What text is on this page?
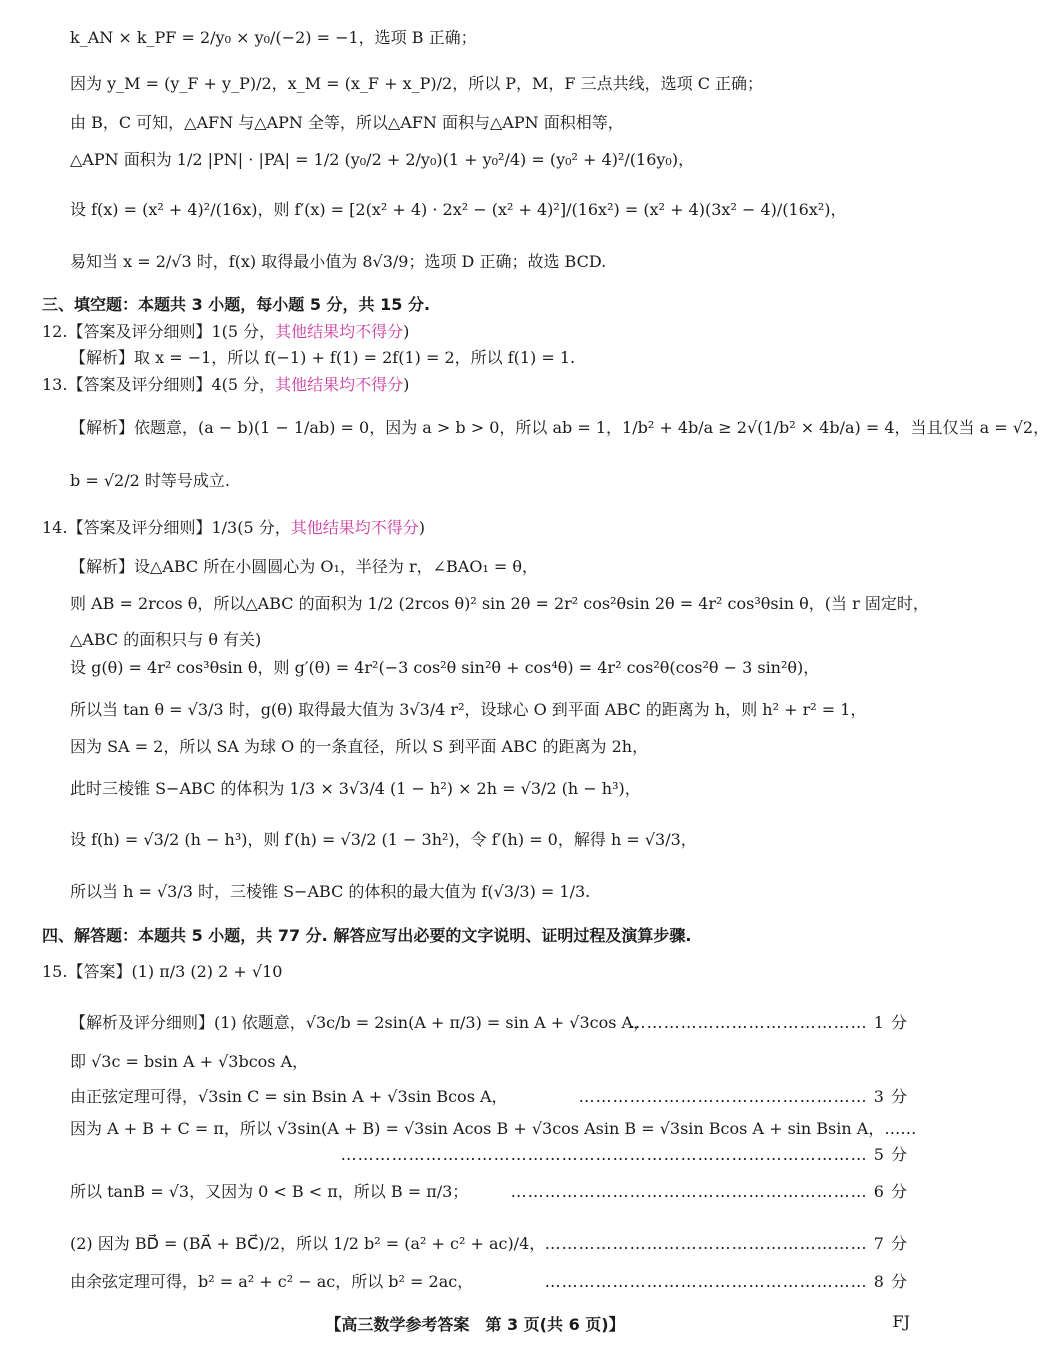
k_AN × k_PF = 2/y₀ × y₀/(−2) = −1，选项 B 正确；
因为 y_M = (y_F + y_P)/2，x_M = (x_F + x_P)/2，所以 P，M，F 三点共线，选项 C 正确；
由 B，C 可知，△AFN 与△APN 全等，所以△AFN 面积与△APN 面积相等，
△APN 面积为 1/2 |PN| · |PA| = 1/2 (y₀/2 + 2/y₀)(1 + y₀²/4) = (y₀² + 4)²/(16y₀)，
设 f(x) = (x² + 4)²/(16x)，则 f′(x) = [2(x² + 4) · 2x² − (x² + 4)²]/(16x²) = (x² + 4)(3x² − 4)/(16x²)，
易知当 x = 2/√3 时，f(x) 取得最小值为 8√3/9；选项 D 正确；故选 BCD.
三、填空题：本题共 3 小题，每小题 5 分，共 15 分.
12.【答案及评分细则】1(5 分，其他结果均不得分)
【解析】取 x = −1，所以 f(−1) + f(1) = 2f(1) = 2，所以 f(1) = 1.
13.【答案及评分细则】4(5 分，其他结果均不得分)
【解析】依题意，(a − b)(1 − 1/ab) = 0，因为 a > b > 0，所以 ab = 1，1/b² + 4b/a ≥ 2√(1/b² × 4b/a) = 4，当且仅当 a = √2，
b = √2/2 时等号成立.
14.【答案及评分细则】1/3(5 分，其他结果均不得分)
【解析】设△ABC 所在小圆圆心为 O₁，半径为 r，∠BAO₁ = θ，
则 AB = 2rcos θ，所以△ABC 的面积为 1/2 (2rcos θ)² sin 2θ = 2r² cos²θsin 2θ = 4r² cos³θsin θ，(当 r 固定时，
△ABC 的面积只与 θ 有关)
设 g(θ) = 4r² cos³θsin θ，则 g′(θ) = 4r²(−3 cos²θ sin²θ + cos⁴θ) = 4r² cos²θ(cos²θ − 3 sin²θ)，
所以当 tan θ = √3/3 时，g(θ) 取得最大值为 3√3/4 r²，设球心 O 到平面 ABC 的距离为 h，则 h² + r² = 1，
因为 SA = 2，所以 SA 为球 O 的一条直径，所以 S 到平面 ABC 的距离为 2h，
此时三棱锥 S−ABC 的体积为 1/3 × 3√3/4 (1 − h²) × 2h = √3/2 (h − h³)，
设 f(h) = √3/2 (h − h³)，则 f′(h) = √3/2 (1 − 3h²)，令 f′(h) = 0，解得 h = √3/3，
所以当 h = √3/3 时，三棱锥 S−ABC 的体积的最大值为 f(√3/3) = 1/3.
四、解答题：本题共 5 小题，共 77 分. 解答应写出必要的文字说明、证明过程及演算步骤.
15.【答案】(1) π/3 (2) 2 + √10
【解析及评分细则】(1) 依题意，√3c/b = 2sin(A + π/3) = sin A + √3cos A，
即 √3c = bsin A + √3bcos A，
由正弦定理可得，√3sin C = sin Bsin A + √3sin Bcos A，
因为 A + B + C = π，所以 √3sin(A + B) = √3sin Acos B + √3cos Asin B = √3sin Bcos A + sin Bsin A，……
所以 tanB = √3，又因为 0 < B < π，所以 B = π/3；
(2) 因为 BD⃗ = (BA⃗ + BC⃗)/2，所以 1/2 b² = (a² + c² + ac)/4，
由余弦定理可得，b² = a² + c² − ac，所以 b² = 2ac，
…………………………………… 1 分
…………………………………………… 3 分
………………………………………………………………………………… 5 分
……………………………………………………… 6 分
………………………………………………… 7 分
………………………………………………… 8 分
【高三数学参考答案　第 3 页(共 6 页)】	FJ
